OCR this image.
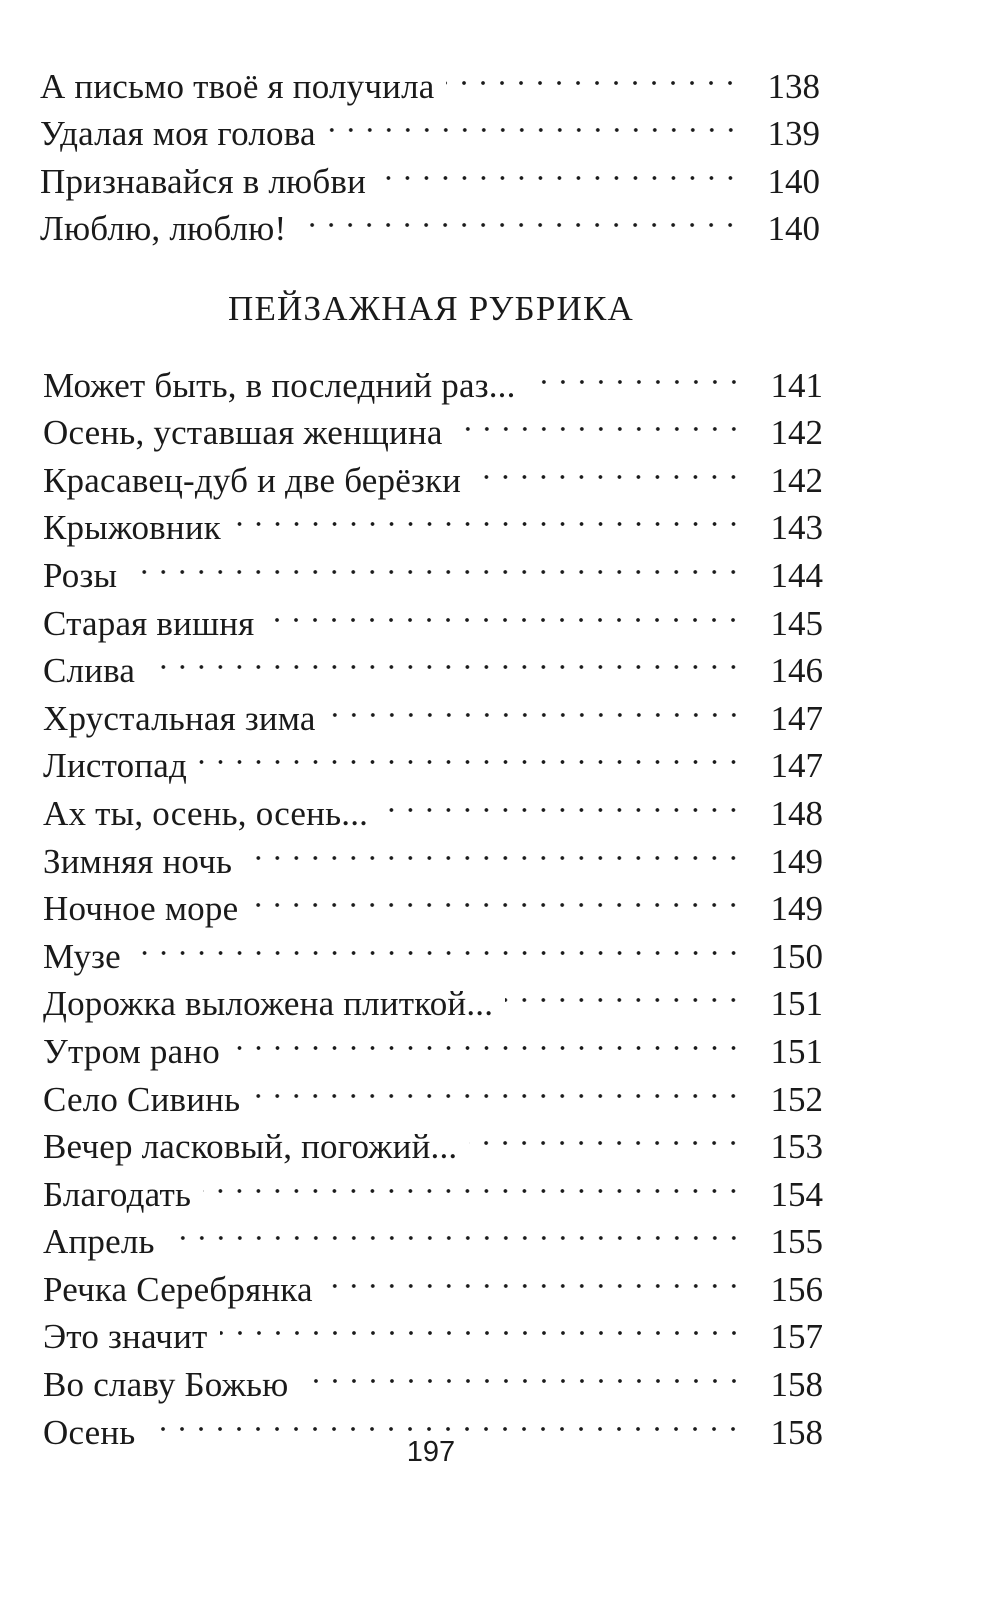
А письмо твоё я получила	138
Удалая моя голова	139
Признавайся в любви	140
Люблю, люблю!	140
ПЕЙЗАЖНАЯ РУБРИКА
Может быть, в последний раз...	141
Осень, уставшая женщина	142
Красавец-дуб и две берёзки	142
Крыжовник	143
Розы	144
Старая вишня	145
Слива	146
Хрустальная зима	147
Листопад	147
Ах ты, осень, осень...	148
Зимняя ночь	149
Ночное море	149
Музе	150
Дорожка выложена плиткой...	151
Утром рано	151
Село Сивинь	152
Вечер ласковый, погожий...	153
Благодать	154
Апрель	155
Речка Серебрянка	156
Это значит	157
Во славу Божью	158
Осень	158
197
